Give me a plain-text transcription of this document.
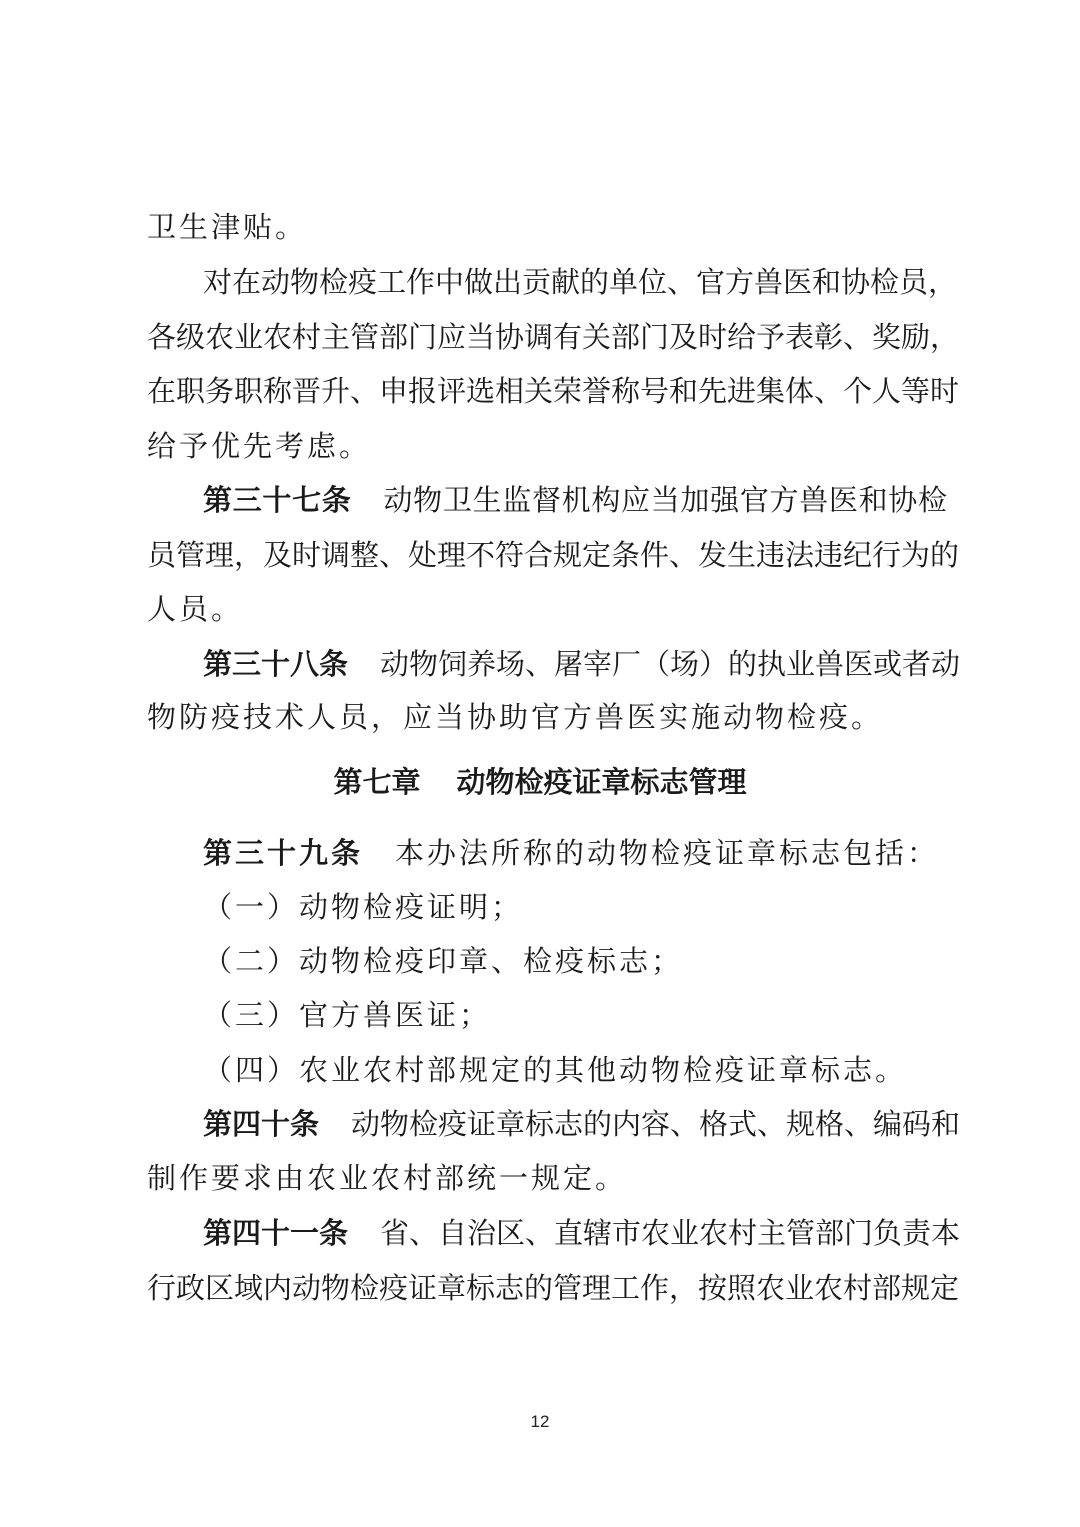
卫生津贴。
对在动物检疫工作中做出贡献的单位、官方兽医和协检员，
各级农业农村主管部门应当协调有关部门及时给予表彰、奖励，
在职务职称晋升、申报评选相关荣誉称号和先进集体、个人等时
给予优先考虑。
第三十七条 动物卫生监督机构应当加强官方兽医和协检
员管理，及时调整、处理不符合规定条件、发生违法违纪行为的
人员。
第三十八条 动物饲养场、屠宰厂（场）的执业兽医或者动
物防疫技术人员，应当协助官方兽医实施动物检疫。
第七章 动物检疫证章标志管理
第三十九条 本办法所称的动物检疫证章标志包括：
（一）动物检疫证明；
（二）动物检疫印章、检疫标志；
（三）官方兽医证；
（四）农业农村部规定的其他动物检疫证章标志。
第四十条 动物检疫证章标志的内容、格式、规格、编码和
制作要求由农业农村部统一规定。
第四十一条 省、自治区、直辖市农业农村主管部门负责本
行政区域内动物检疫证章标志的管理工作，按照农业农村部规定
12
